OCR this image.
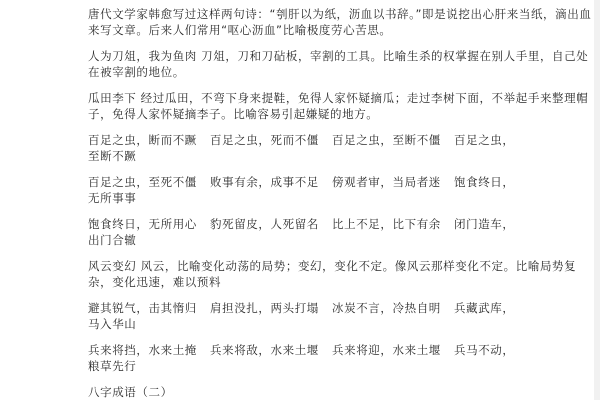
唐代文学家韩愈写过这样两句诗：“刳肝以为纸，沥血以书辞。”即是说挖出心肝来当纸，滴出血来写文章。后来人们常用“呕心沥血”比喻极度劳心苦思。

人为刀俎，我为鱼肉 刀俎，刀和刀砧板，宰割的工具。比喻生杀的权掌握在别人手里，自己处在被宰割的地位。

瓜田李下 经过瓜田，不弯下身来提鞋，免得人家怀疑摘瓜；走过李树下面，不举起手来整理帽子，免得人家怀疑摘李子。比喻容易引起嫌疑的地方。

百足之虫，断而不蹶	百足之虫，死而不僵	百足之虫，至断不僵	百足之虫，
至断不蹶
百足之虫，至死不僵	败事有余，成事不足	傍观者审，当局者迷	饱食终日，
无所事事
饱食终日，无所用心	豹死留皮，人死留名	比上不足，比下有余	闭门造车，
出门合辙

风云变幻 风云，比喻变化动荡的局势；变幻，变化不定。像风云那样变化不定。比喻局势复杂，变化迅速，难以预料

避其锐气，击其惰归	肩担没扎，两头打塌	冰炭不言，冷热自明	兵藏武库，
马入华山
兵来将挡，水来土掩	兵来将敌，水来土堰	兵来将迎，水来土堰	兵马不动，
粮草先行

八字成语（二）
